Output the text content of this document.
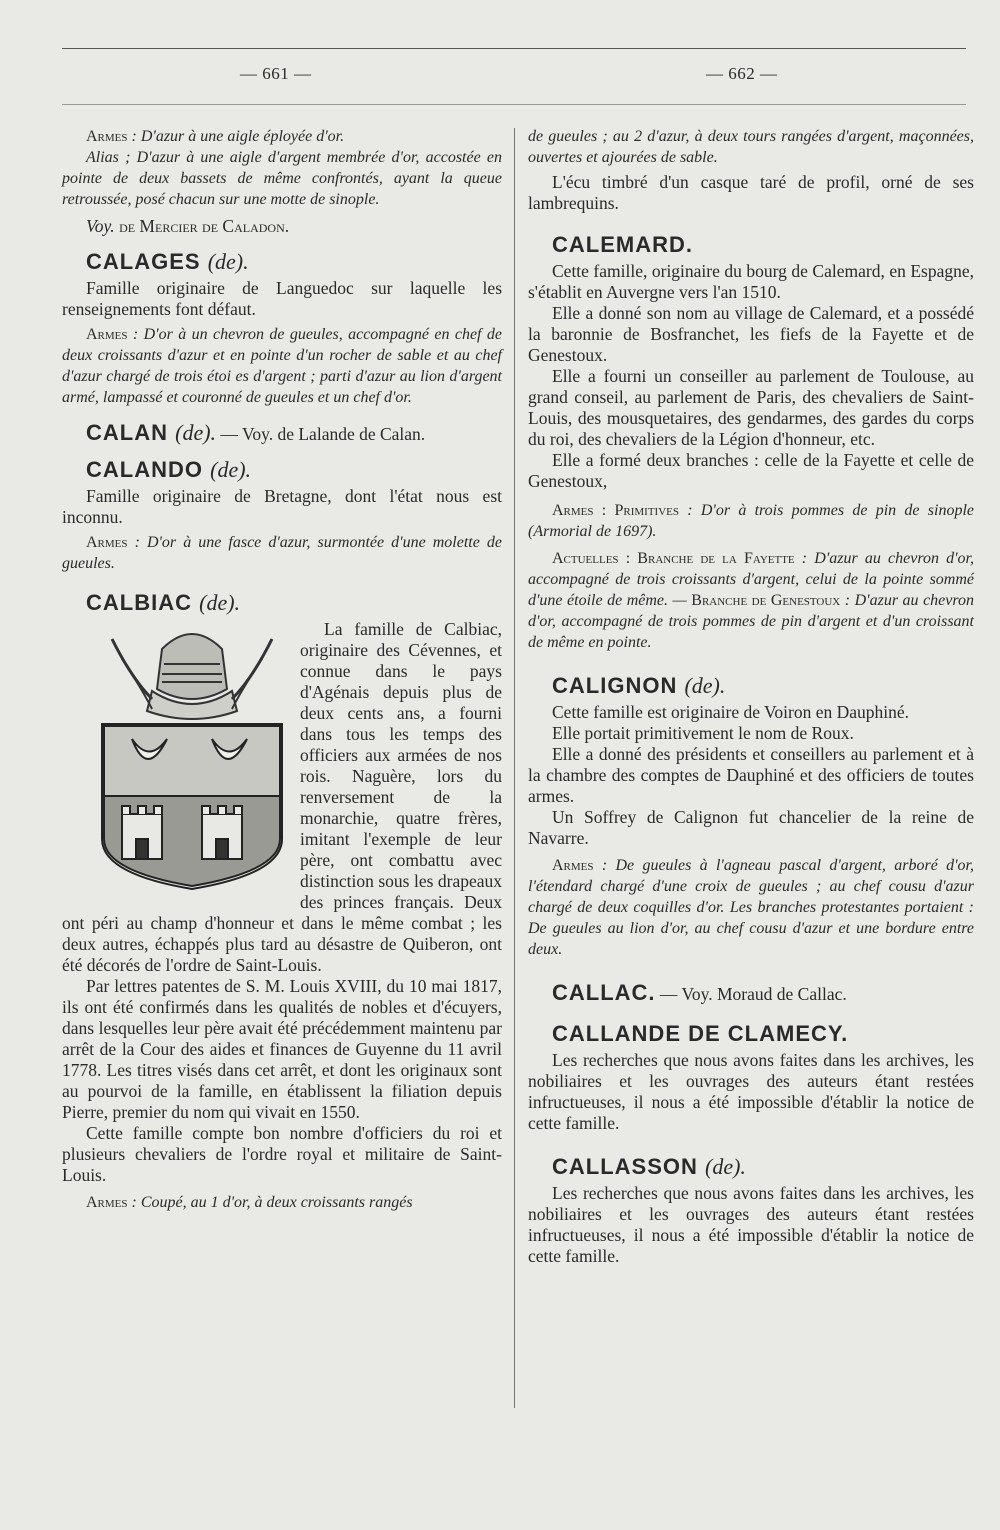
— 661 —	— 662 —

Armes : D'azur à une aigle éployée d'or.

Alias ; D'azur à une aigle d'argent membrée d'or, accostée en pointe de deux bassets de même confrontés, ayant la queue retroussée, posé chacun sur une motte de sinople.

Voy. de Mercier de Caladon.

CALAGES (de).

Famille originaire de Languedoc sur laquelle les renseignements font défaut.

Armes : D'or à un chevron de gueules, accompagné en chef de deux croissants d'azur et en pointe d'un rocher de sable et au chef d'azur chargé de trois étoi es d'argent ; parti d'azur au lion d'argent armé, lampassé et couronné de gueules et un chef d'or.

CALAN (de). — Voy. de Lalande de Calan.
CALANDO (de).

Famille originaire de Bretagne, dont l'état nous est inconnu.

Armes : D'or à une fasce d'azur, surmontée d'une molette de gueules.

CALBIAC (de).

La famille de Calbiac, originaire des Cévennes, et connue dans le pays d'Agénais depuis plus de deux cents ans, a fourni dans tous les temps des officiers aux armées de nos rois. Naguère, lors du renversement de la monarchie, quatre frères, imitant l'exemple de leur père, ont combattu avec distinction sous les drapeaux des princes français. Deux ont péri au champ d'honneur et dans le même combat ; les deux autres, échappés plus tard au désastre de Quiberon, ont été décorés de l'ordre de Saint-Louis.

Par lettres patentes de S. M. Louis XVIII, du 10 mai 1817, ils ont été confirmés dans les qualités de nobles et d'écuyers, dans lesquelles leur père avait été précédemment maintenu par arrêt de la Cour des aides et finances de Guyenne du 11 avril 1778. Les titres visés dans cet arrêt, et dont les originaux sont au pourvoi de la famille, en établissent la filiation depuis Pierre, premier du nom qui vivait en 1550.

Cette famille compte bon nombre d'officiers du roi et plusieurs chevaliers de l'ordre royal et militaire de Saint-Louis.

Armes : Coupé, au 1 d'or, à deux croissants rangés

de gueules ; au 2 d'azur, à deux tours rangées d'argent, maçonnées, ouvertes et ajourées de sable.

L'écu timbré d'un casque taré de profil, orné de ses lambrequins.

CALEMARD.

Cette famille, originaire du bourg de Calemard, en Espagne, s'établit en Auvergne vers l'an 1510.

Elle a donné son nom au village de Calemard, et a possédé la baronnie de Bosfranchet, les fiefs de la Fayette et de Genestoux.

Elle a fourni un conseiller au parlement de Toulouse, au grand conseil, au parlement de Paris, des chevaliers de Saint-Louis, des mousquetaires, des gendarmes, des gardes du corps du roi, des chevaliers de la Légion d'honneur, etc.

Elle a formé deux branches : celle de la Fayette et celle de Genestoux,

Armes : Primitives : D'or à trois pommes de pin de sinople (Armorial de 1697).

Actuelles : Branche de la Fayette : D'azur au chevron d'or, accompagné de trois croissants d'argent, celui de la pointe sommé d'une étoile de même. — Branche de Genestoux : D'azur au chevron d'or, accompagné de trois pommes de pin d'argent et d'un croissant de même en pointe.

CALIGNON (de).

Cette famille est originaire de Voiron en Dauphiné.

Elle portait primitivement le nom de Roux.

Elle a donné des présidents et conseillers au parlement et à la chambre des comptes de Dauphiné et des officiers de toutes armes.

Un Soffrey de Calignon fut chancelier de la reine de Navarre.

Armes : De gueules à l'agneau pascal d'argent, arboré d'or, l'étendard chargé d'une croix de gueules ; au chef cousu d'azur chargé de deux coquilles d'or. Les branches protestantes portaient : De gueules au lion d'or, au chef cousu d'azur et une bordure entre deux.

CALLAC. — Voy. Moraud de Callac.
CALLANDE DE CLAMECY.

Les recherches que nous avons faites dans les archives, les nobiliaires et les ouvrages des auteurs étant restées infructueuses, il nous a été impossible d'établir la notice de cette famille.

CALLASSON (de).

Les recherches que nous avons faites dans les archives, les nobiliaires et les ouvrages des auteurs étant restées infructueuses, il nous a été impossible d'établir la notice de cette famille.
